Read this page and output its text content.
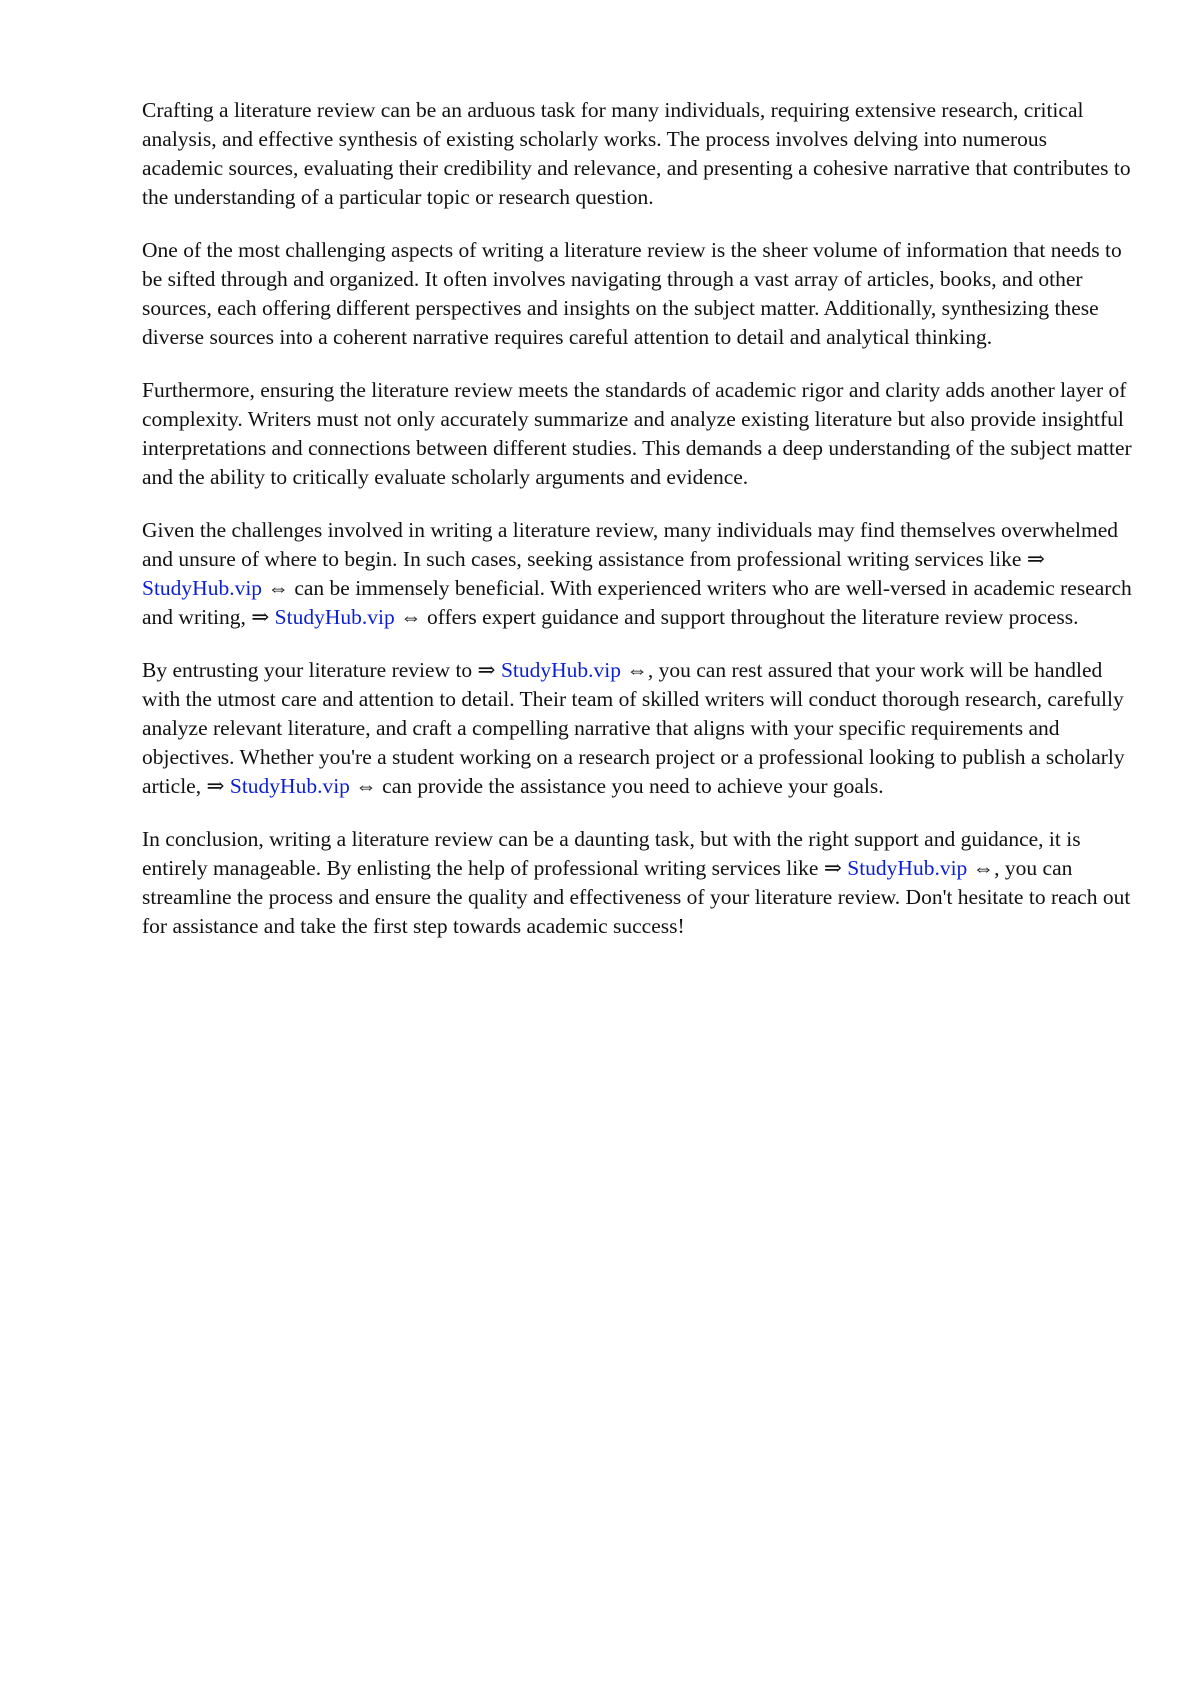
Crafting a literature review can be an arduous task for many individuals, requiring extensive research, critical analysis, and effective synthesis of existing scholarly works. The process involves delving into numerous academic sources, evaluating their credibility and relevance, and presenting a cohesive narrative that contributes to the understanding of a particular topic or research question.

One of the most challenging aspects of writing a literature review is the sheer volume of information that needs to be sifted through and organized. It often involves navigating through a vast array of articles, books, and other sources, each offering different perspectives and insights on the subject matter. Additionally, synthesizing these diverse sources into a coherent narrative requires careful attention to detail and analytical thinking.

Furthermore, ensuring the literature review meets the standards of academic rigor and clarity adds another layer of complexity. Writers must not only accurately summarize and analyze existing literature but also provide insightful interpretations and connections between different studies. This demands a deep understanding of the subject matter and the ability to critically evaluate scholarly arguments and evidence.

Given the challenges involved in writing a literature review, many individuals may find themselves overwhelmed and unsure of where to begin. In such cases, seeking assistance from professional writing services like ⇒ StudyHub.vip ⇔ can be immensely beneficial. With experienced writers who are well-versed in academic research and writing, ⇒ StudyHub.vip ⇔ offers expert guidance and support throughout the literature review process.

By entrusting your literature review to ⇒ StudyHub.vip ⇔, you can rest assured that your work will be handled with the utmost care and attention to detail. Their team of skilled writers will conduct thorough research, carefully analyze relevant literature, and craft a compelling narrative that aligns with your specific requirements and objectives. Whether you're a student working on a research project or a professional looking to publish a scholarly article, ⇒ StudyHub.vip ⇔ can provide the assistance you need to achieve your goals.

In conclusion, writing a literature review can be a daunting task, but with the right support and guidance, it is entirely manageable. By enlisting the help of professional writing services like ⇒ StudyHub.vip ⇔, you can streamline the process and ensure the quality and effectiveness of your literature review. Don't hesitate to reach out for assistance and take the first step towards academic success!
